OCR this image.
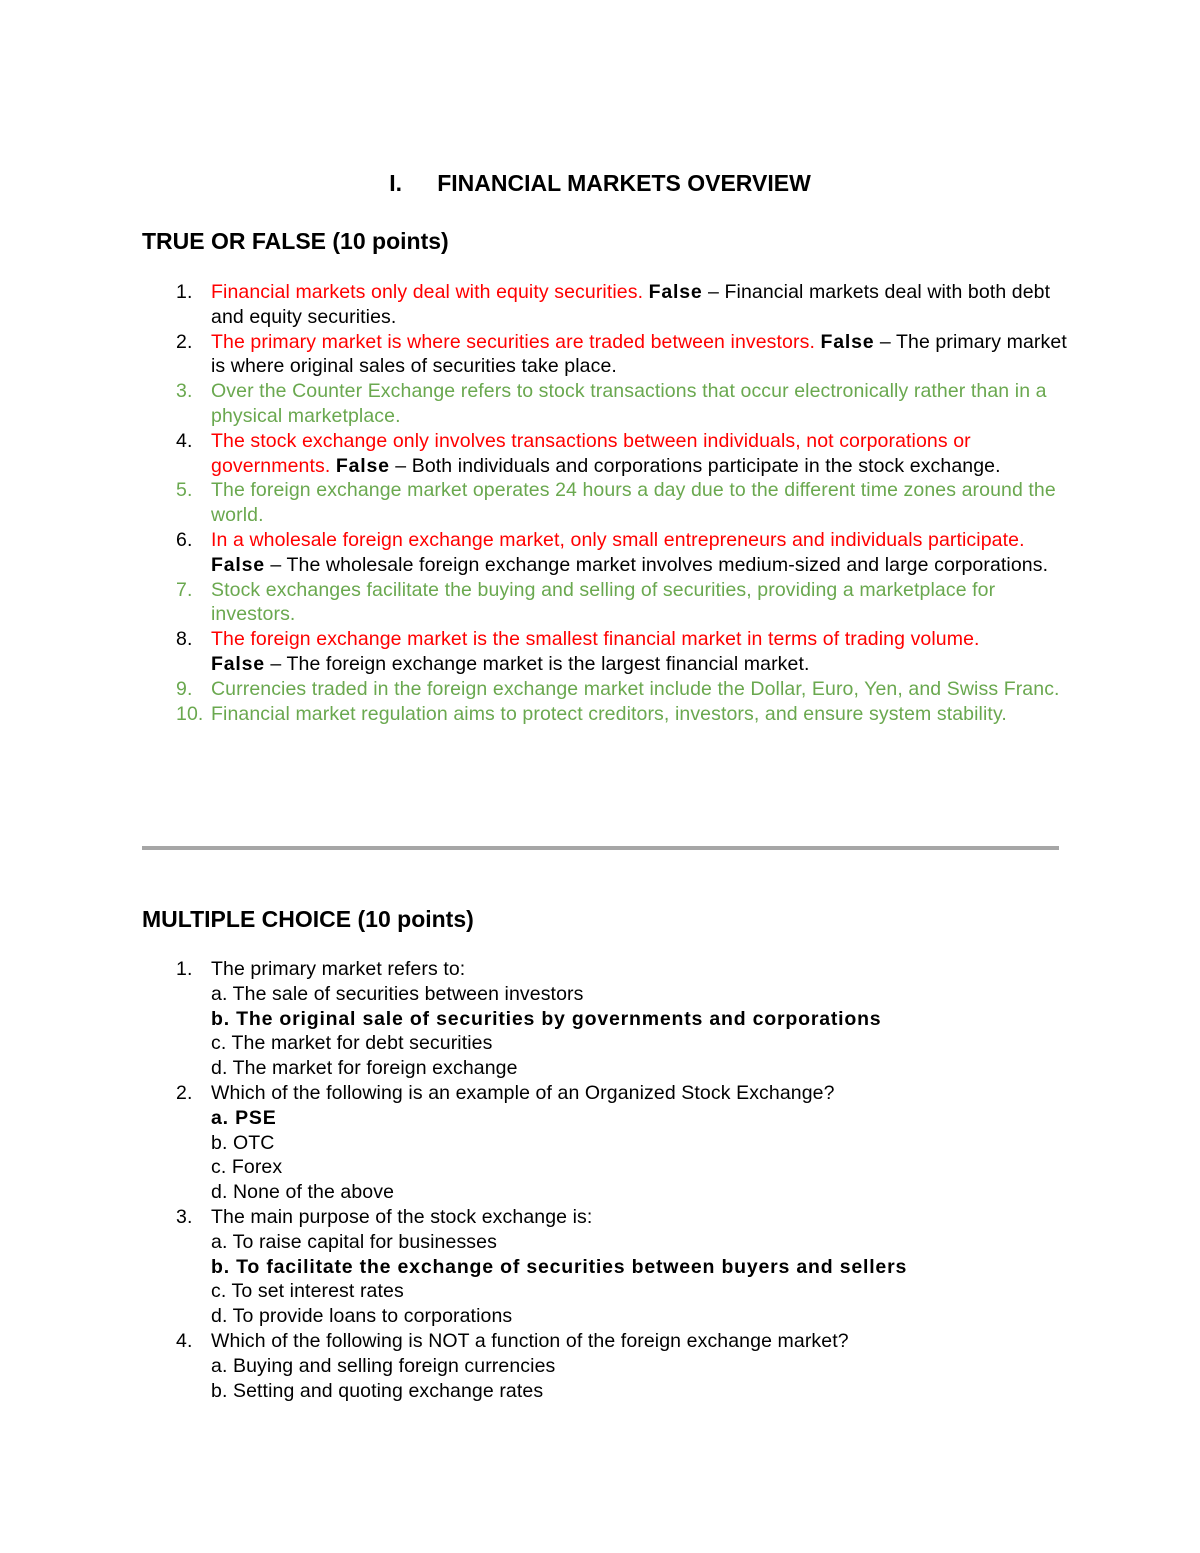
I. FINANCIAL MARKETS OVERVIEW
TRUE OR FALSE (10 points)
1. Financial markets only deal with equity securities. False – Financial markets deal with both debt and equity securities.
2. The primary market is where securities are traded between investors. False – The primary market is where original sales of securities take place.
3. Over the Counter Exchange refers to stock transactions that occur electronically rather than in a physical marketplace.
4. The stock exchange only involves transactions between individuals, not corporations or governments. False – Both individuals and corporations participate in the stock exchange.
5. The foreign exchange market operates 24 hours a day due to the different time zones around the world.
6. In a wholesale foreign exchange market, only small entrepreneurs and individuals participate. False – The wholesale foreign exchange market involves medium-sized and large corporations.
7. Stock exchanges facilitate the buying and selling of securities, providing a marketplace for investors.
8. The foreign exchange market is the smallest financial market in terms of trading volume.
False – The foreign exchange market is the largest financial market.
9. Currencies traded in the foreign exchange market include the Dollar, Euro, Yen, and Swiss Franc.
10. Financial market regulation aims to protect creditors, investors, and ensure system stability.
MULTIPLE CHOICE (10 points)
1. The primary market refers to:
a. The sale of securities between investors
b. The original sale of securities by governments and corporations
c. The market for debt securities
d. The market for foreign exchange
2. Which of the following is an example of an Organized Stock Exchange?
a. PSE
b. OTC
c. Forex
d. None of the above
3. The main purpose of the stock exchange is:
a. To raise capital for businesses
b. To facilitate the exchange of securities between buyers and sellers
c. To set interest rates
d. To provide loans to corporations
4. Which of the following is NOT a function of the foreign exchange market?
a. Buying and selling foreign currencies
b. Setting and quoting exchange rates
